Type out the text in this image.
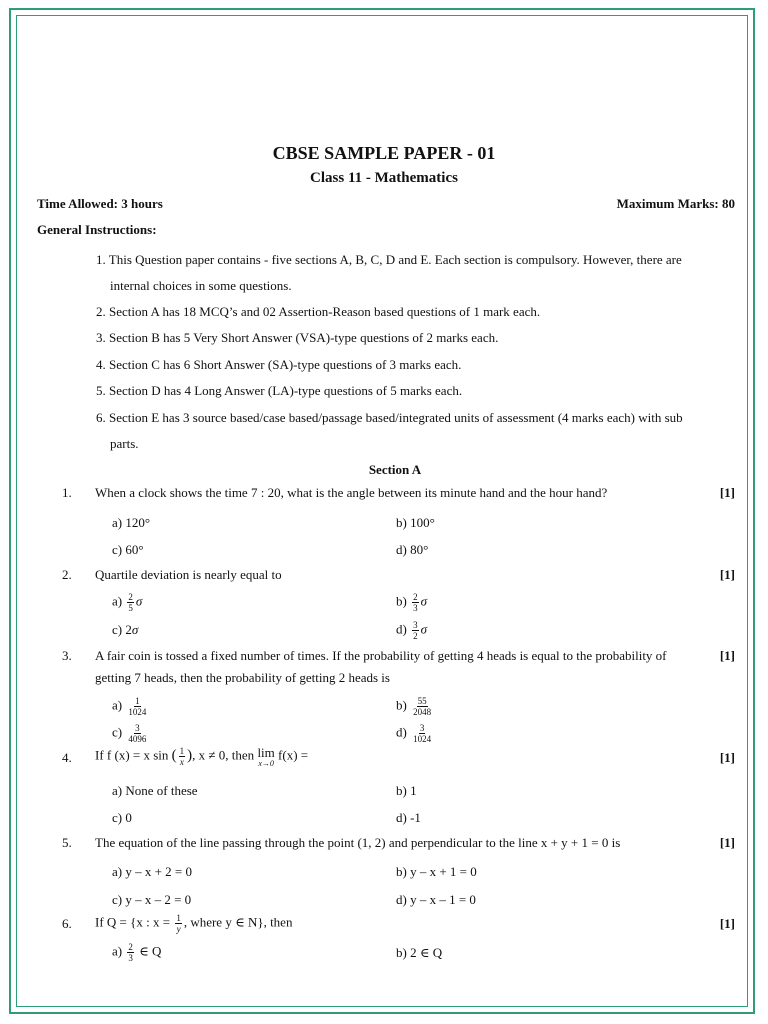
CBSE SAMPLE PAPER - 01
Class 11 - Mathematics
Time Allowed: 3 hours	Maximum Marks: 80
General Instructions:
1. This Question paper contains - five sections A, B, C, D and E. Each section is compulsory. However, there are
internal choices in some questions.
2. Section A has 18 MCQ’s and 02 Assertion-Reason based questions of 1 mark each.
3. Section B has 5 Very Short Answer (VSA)-type questions of 2 marks each.
4. Section C has 6 Short Answer (SA)-type questions of 3 marks each.
5. Section D has 4 Long Answer (LA)-type questions of 5 marks each.
6. Section E has 3 source based/case based/passage based/integrated units of assessment (4 marks each) with sub
parts.
Section A
1. When a clock shows the time 7 : 20, what is the angle between its minute hand and the hour hand?	[1]
a) 120°	b) 100°
c) 60°	d) 80°
2. Quartile deviation is nearly equal to	[1]
$a) \frac{2}{5}$ σ	$b) \frac{2}{3}$ σ
c) 2σ	$d) \frac{3}{2}$ σ
3. A fair coin is tossed a fixed number of times. If the probability of getting 4 heads is equal to the probability of
getting 7 heads, then the probability of getting 2 heads is
[1]
$a) \frac{1}{1024}$	$b) \frac{55}{2048}$
$c) \frac{3}{4096}$	$d) \frac{3}{1024}$
4. If f (x) = x sin ( $\frac{1}{x}$ ), x ≠ 0, then lim
x→0
f(x) =	[1]
a) None of these	b) 1
c) 0	d) -1
5. The equation of the line passing through the point (1, 2) and perpendicular to the line x + y + 1 = 0 is	[1]
a) y – x + 2 = 0	b) y – x + 1 = 0
c) y – x – 2 = 0	d) y – x – 1 = 0
6. If Q = {x : $x = \frac{1}{y}$ , where y ∈ N}, then	[1]
$a) \frac{2}{3}$ ∈ Q	b) 2 ∈ Q
